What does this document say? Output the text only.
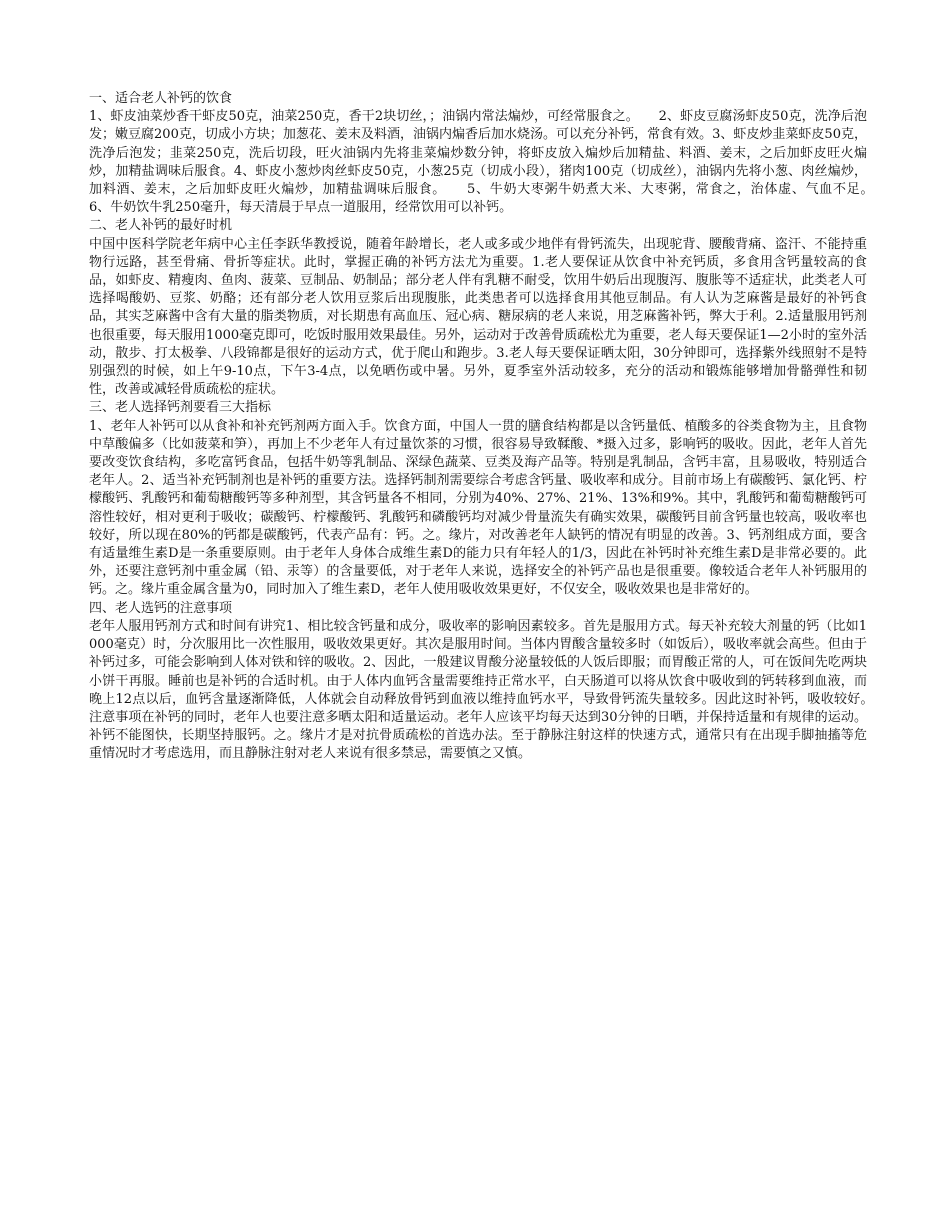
一、适合老人补钙的饮食

1、虾皮油菜炒香干虾皮50克，油菜250克，香干2块切丝，；油锅内常法煸炒，可经常服食之。　　2、虾皮豆腐汤虾皮50克，洗净后泡发；嫩豆腐200克，切成小方块；加葱花、姜末及料酒，油锅内煸香后加水烧汤。可以充分补钙，常食有效。3、虾皮炒韭菜虾皮50克，洗净后泡发；韭菜250克，洗后切段，旺火油锅内先将韭菜煸炒数分钟，将虾皮放入煸炒后加精盐、料酒、姜末，之后加虾皮旺火煸炒，加精盐调味后服食。4、虾皮小葱炒肉丝虾皮50克，小葱25克（切成小段），猪肉100克（切成丝），油锅内先将小葱、肉丝煸炒，加料酒、姜末，之后加虾皮旺火煸炒，加精盐调味后服食。　　5、牛奶大枣粥牛奶煮大米、大枣粥，常食之，治体虚、气血不足。　　6、牛奶饮牛乳250毫升，每天清晨于早点一道服用，经常饮用可以补钙。

二、老人补钙的最好时机

中国中医科学院老年病中心主任李跃华教授说，随着年龄增长，老人或多或少地伴有骨钙流失，出现驼背、腰酸背痛、盗汗、不能持重物行远路，甚至骨痛、骨折等症状。此时，掌握正确的补钙方法尤为重要。1.老人要保证从饮食中补充钙质，多食用含钙量较高的食品，如虾皮、精瘦肉、鱼肉、菠菜、豆制品、奶制品；部分老人伴有乳糖不耐受，饮用牛奶后出现腹泻、腹胀等不适症状，此类老人可选择喝酸奶、豆浆、奶酪；还有部分老人饮用豆浆后出现腹胀，此类患者可以选择食用其他豆制品。有人认为芝麻酱是最好的补钙食品，其实芝麻酱中含有大量的脂类物质，对长期患有高血压、冠心病、糖尿病的老人来说，用芝麻酱补钙，弊大于利。2.适量服用钙剂也很重要，每天服用1000毫克即可，吃饭时服用效果最佳。另外，运动对于改善骨质疏松尤为重要，老人每天要保证1—2小时的室外活动，散步、打太极拳、八段锦都是很好的运动方式，优于爬山和跑步。3.老人每天要保证晒太阳，30分钟即可，选择紫外线照射不是特别强烈的时候，如上午9-10点，下午3-4点，以免晒伤或中暑。另外，夏季室外活动较多，充分的活动和锻炼能够增加骨骼弹性和韧性，改善或减轻骨质疏松的症状。

三、老人选择钙剂要看三大指标

1、老年人补钙可以从食补和补充钙剂两方面入手。饮食方面，中国人一贯的膳食结构都是以含钙量低、植酸多的谷类食物为主，且食物中草酸偏多（比如菠菜和笋），再加上不少老年人有过量饮茶的习惯，很容易导致鞣酸、*摄入过多，影响钙的吸收。因此，老年人首先要改变饮食结构，多吃富钙食品，包括牛奶等乳制品、深绿色蔬菜、豆类及海产品等。特别是乳制品，含钙丰富，且易吸收，特别适合老年人。2、适当补充钙制剂也是补钙的重要方法。选择钙制剂需要综合考虑含钙量、吸收率和成分。目前市场上有碳酸钙、氯化钙、柠檬酸钙、乳酸钙和葡萄糖酸钙等多种剂型，其含钙量各不相同，分别为40%、27%、21%、13%和9%。其中，乳酸钙和葡萄糖酸钙可溶性较好，相对更利于吸收；碳酸钙、柠檬酸钙、乳酸钙和磷酸钙均对减少骨量流失有确实效果，碳酸钙目前含钙量也较高，吸收率也较好，所以现在80%的钙都是碳酸钙，代表产品有：钙。之。缘片，对改善老年人缺钙的情况有明显的改善。3、钙剂组成方面，要含有适量维生素D是一条重要原则。由于老年人身体合成维生素D的能力只有年轻人的1/3，因此在补钙时补充维生素D是非常必要的。此外，还要注意钙剂中重金属（铅、汞等）的含量要低，对于老年人来说，选择安全的补钙产品也是很重要。像较适合老年人补钙服用的钙。之。缘片重金属含量为0，同时加入了维生素D，老年人使用吸收效果更好，不仅安全，吸收效果也是非常好的。

四、老人选钙的注意事项

老年人服用钙剂方式和时间有讲究1、相比较含钙量和成分，吸收率的影响因素较多。首先是服用方式。每天补充较大剂量的钙（比如1000毫克）时，分次服用比一次性服用，吸收效果更好。其次是服用时间。当体内胃酸含量较多时（如饭后），吸收率就会高些。但由于补钙过多，可能会影响到人体对铁和锌的吸收。2、因此，一般建议胃酸分泌量较低的人饭后即服；而胃酸正常的人，可在饭间先吃两块小饼干再服。睡前也是补钙的合适时机。由于人体内血钙含量需要维持正常水平，白天肠道可以将从饮食中吸收到的钙转移到血液，而晚上12点以后，血钙含量逐渐降低，人体就会自动释放骨钙到血液以维持血钙水平，导致骨钙流失量较多。因此这时补钙，吸收较好。　　注意事项在补钙的同时，老年人也要注意多晒太阳和适量运动。老年人应该平均每天达到30分钟的日晒，并保持适量和有规律的运动。补钙不能图快，长期坚持服钙。之。缘片才是对抗骨质疏松的首选办法。至于静脉注射这样的快速方式，通常只有在出现手脚抽搐等危重情况时才考虑选用，而且静脉注射对老人来说有很多禁忌，需要慎之又慎。
